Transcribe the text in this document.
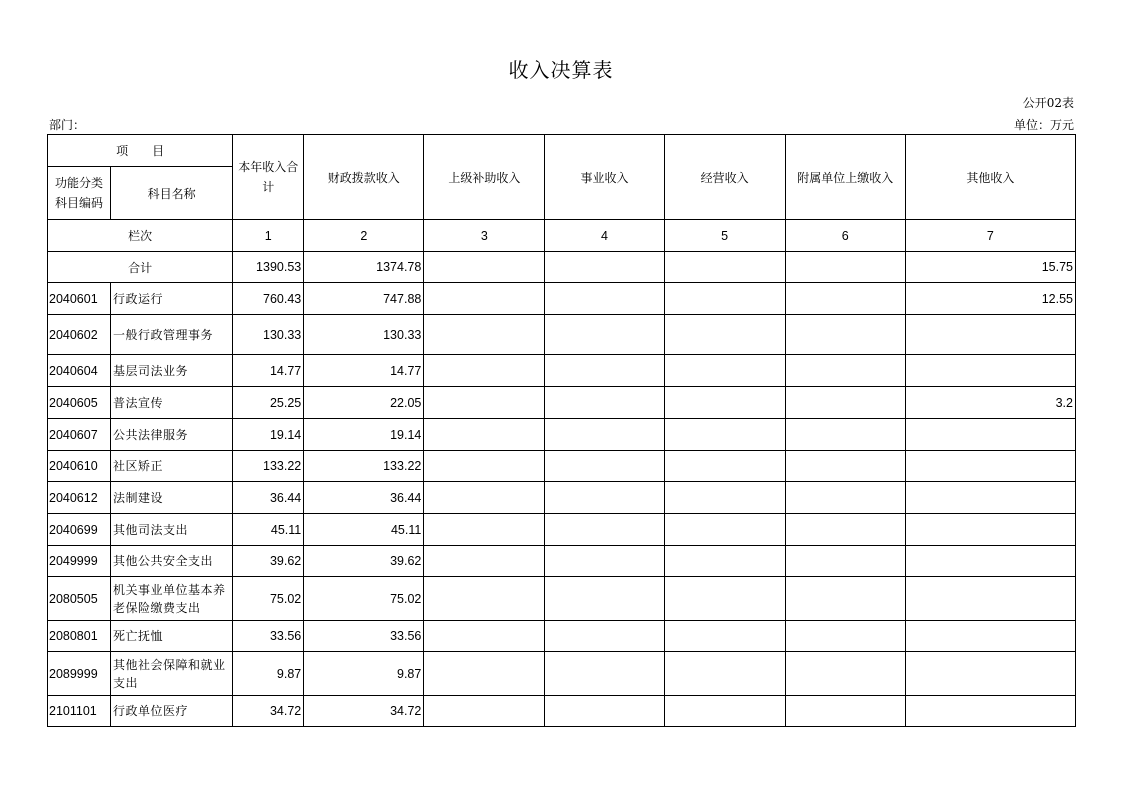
收入决算表
公开02表
部门：	单位：万元
项　　目		本年收入合计	财政拨款收入	上级补助收入	事业收入	经营收入	附属单位上缴收入	其他收入
功能分类科目编码	科目名称							
栏次		1	2	3	4	5	6	7
合计		1390.53	1374.78					15.75
2040601	行政运行	760.43	747.88					12.55
2040602	一般行政管理事务	130.33	130.33					
2040604	基层司法业务	14.77	14.77					
2040605	普法宣传	25.25	22.05					3.2
2040607	公共法律服务	19.14	19.14					
2040610	社区矫正	133.22	133.22					
2040612	法制建设	36.44	36.44					
2040699	其他司法支出	45.11	45.11					
2049999	其他公共安全支出	39.62	39.62					
2080505	机关事业单位基本养老保险缴费支出	75.02	75.02					
2080801	死亡抚恤	33.56	33.56					
2089999	其他社会保障和就业支出	9.87	9.87					
2101101	行政单位医疗	34.72	34.72					
